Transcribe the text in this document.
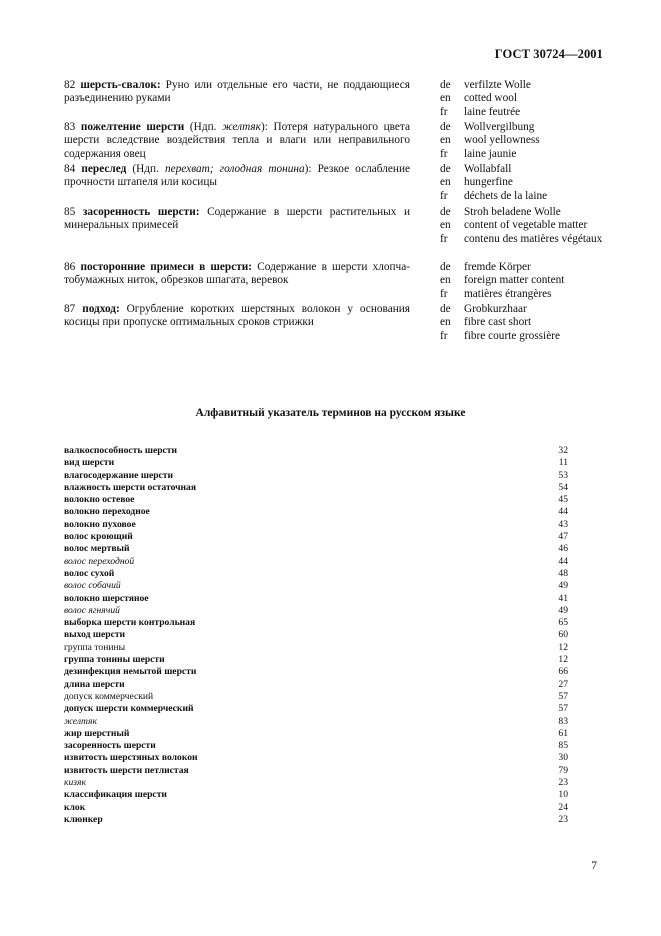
ГОСТ 30724—2001
82 шерсть-свалок: Руно или отдельные его части, не поддающиеся разъединению руками
de	verfilzte Wolle
en	cotted wool
fr	laine feutrée
83 пожелтение шерсти (Ндп. желтяк): Потеря натурального цвета шерсти вследствие воздействия тепла и влаги или неправильного содержания овец
de	Wollvergilbung
en	wool yellowness
fr	laine jaunie
84 переслед (Ндп. перехват; голодная тонина): Резкое ослабление прочности штапеля или косицы
de	Wollabfall
en	hungerfine
fr	déchets de la laine
85 засоренность шерсти: Содержание в шерсти растительных и минеральных примесей
de	Stroh beladene Wolle
en	content of vegetable matter
fr	contenu des matières végétaux
86 посторонние примеси в шерсти: Содержание в шерсти хлопчатобумажных ниток, обрезков шпагата, веревок
de	fremde Körper
en	foreign matter content
fr	matières étrangères
87 подход: Огрубление коротких шерстяных волокон у основания косицы при пропуске оптимальных сроков стрижки
de	Grobkurzhaar
en	fibre cast short
fr	fibre courte grossière
Алфавитный указатель терминов на русском языке
валкоспособность шерсти	32
вид шерсти	11
влагосодержание шерсти	53
влажность шерсти остаточная	54
волокно остевое	45
волокно переходное	44
волокно пуховое	43
волос кроющий	47
волос мертвый	46
волос переходной	44
волос сухой	48
волос собачий	49
волокно шерстяное	41
волос ягнячий	49
выборка шерсти контрольная	65
выход шерсти	60
группа тонины	12
группа тонины шерсти	12
дезинфекция немытой шерсти	66
длина шерсти	27
допуск коммерческий	57
допуск шерсти коммерческий	57
желтяк	83
жир шерстный	61
засоренность шерсти	85
извитость шерстяных волокон	30
извитость шерсти петлистая	79
кизяк	23
классификация шерсти	10
клок	24
клюнкер	23
7
